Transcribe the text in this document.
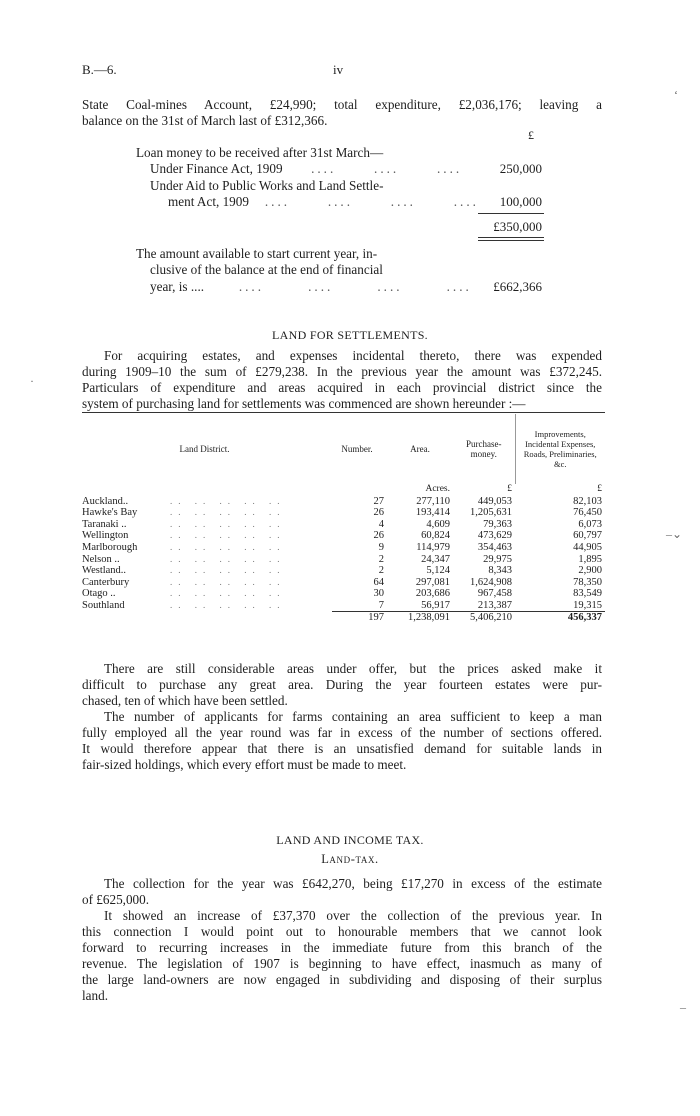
B.—6.	iv
State Coal-mines Account, £24,990; total expenditure, £2,036,176; leaving a
balance on the 31st of March last of £312,366.
£
Loan money to be received after 31st March—
Under Finance Act, 1909     ....      ....      ....	250,000
Under Aid to Public Works and Land Settle-
ment Act, 1909   ....      ....      ....      ....	100,000
£350,000
The amount available to start current year, in-
clusive of the balance at the end of financial
year, is ....      ....       ....       ....       ....	£662,366
LAND FOR SETTLEMENTS.
For acquiring estates, and expenses incidental thereto, there was expended
during 1909–10 the sum of £279,238. In the previous year the amount was £372,245.
Particulars of expenditure and areas acquired in each provincial district since the
system of purchasing land for settlements was commenced are shown hereunder :—
Land District.		Number.	Area.	Purchase-money.	Improvements, Incidental Expenses, Roads, Preliminaries, &c.
			Acres.	£	£
Auckland..	.. .. .. .. ..	27	277,110	449,053	82,103
Hawke's Bay	.. .. .. .. ..	26	193,414	1,205,631	76,450
Taranaki ..	.. .. .. .. ..	4	4,609	79,363	6,073
Wellington	.. .. .. .. ..	26	60,824	473,629	60,797
Marlborough	.. .. .. .. ..	9	114,979	354,463	44,905
Nelson ..	.. .. .. .. ..	2	24,347	29,975	1,895
Westland..	.. .. .. .. ..	2	5,124	8,343	2,900
Canterbury	.. .. .. .. ..	64	297,081	1,624,908	78,350
Otago ..	.. .. .. .. ..	30	203,686	967,458	83,549
Southland	.. .. .. .. ..	7	56,917	213,387	19,315
		197	1,238,091	5,406,210	456,337
There are still considerable areas under offer, but the prices asked make it
difficult to purchase any great area. During the year fourteen estates were pur-
chased, ten of which have been settled.
The number of applicants for farms containing an area sufficient to keep a man
fully employed all the year round was far in excess of the number of sections offered.
It would therefore appear that there is an unsatisfied demand for suitable lands in
fair-sized holdings, which every effort must be made to meet.
LAND AND INCOME TAX.
Land-tax.
The collection for the year was £642,270, being £17,270 in excess of the estimate
of £625,000.
It showed an increase of £37,370 over the collection of the previous year. In
this connection I would point out to honourable members that we cannot look
forward to recurring increases in the immediate future from this branch of the
revenue. The legislation of 1907 is beginning to have effect, inasmuch as many of
the large land-owners are now engaged in subdividing and disposing of their surplus
land.
‘
·
–⌄
–
